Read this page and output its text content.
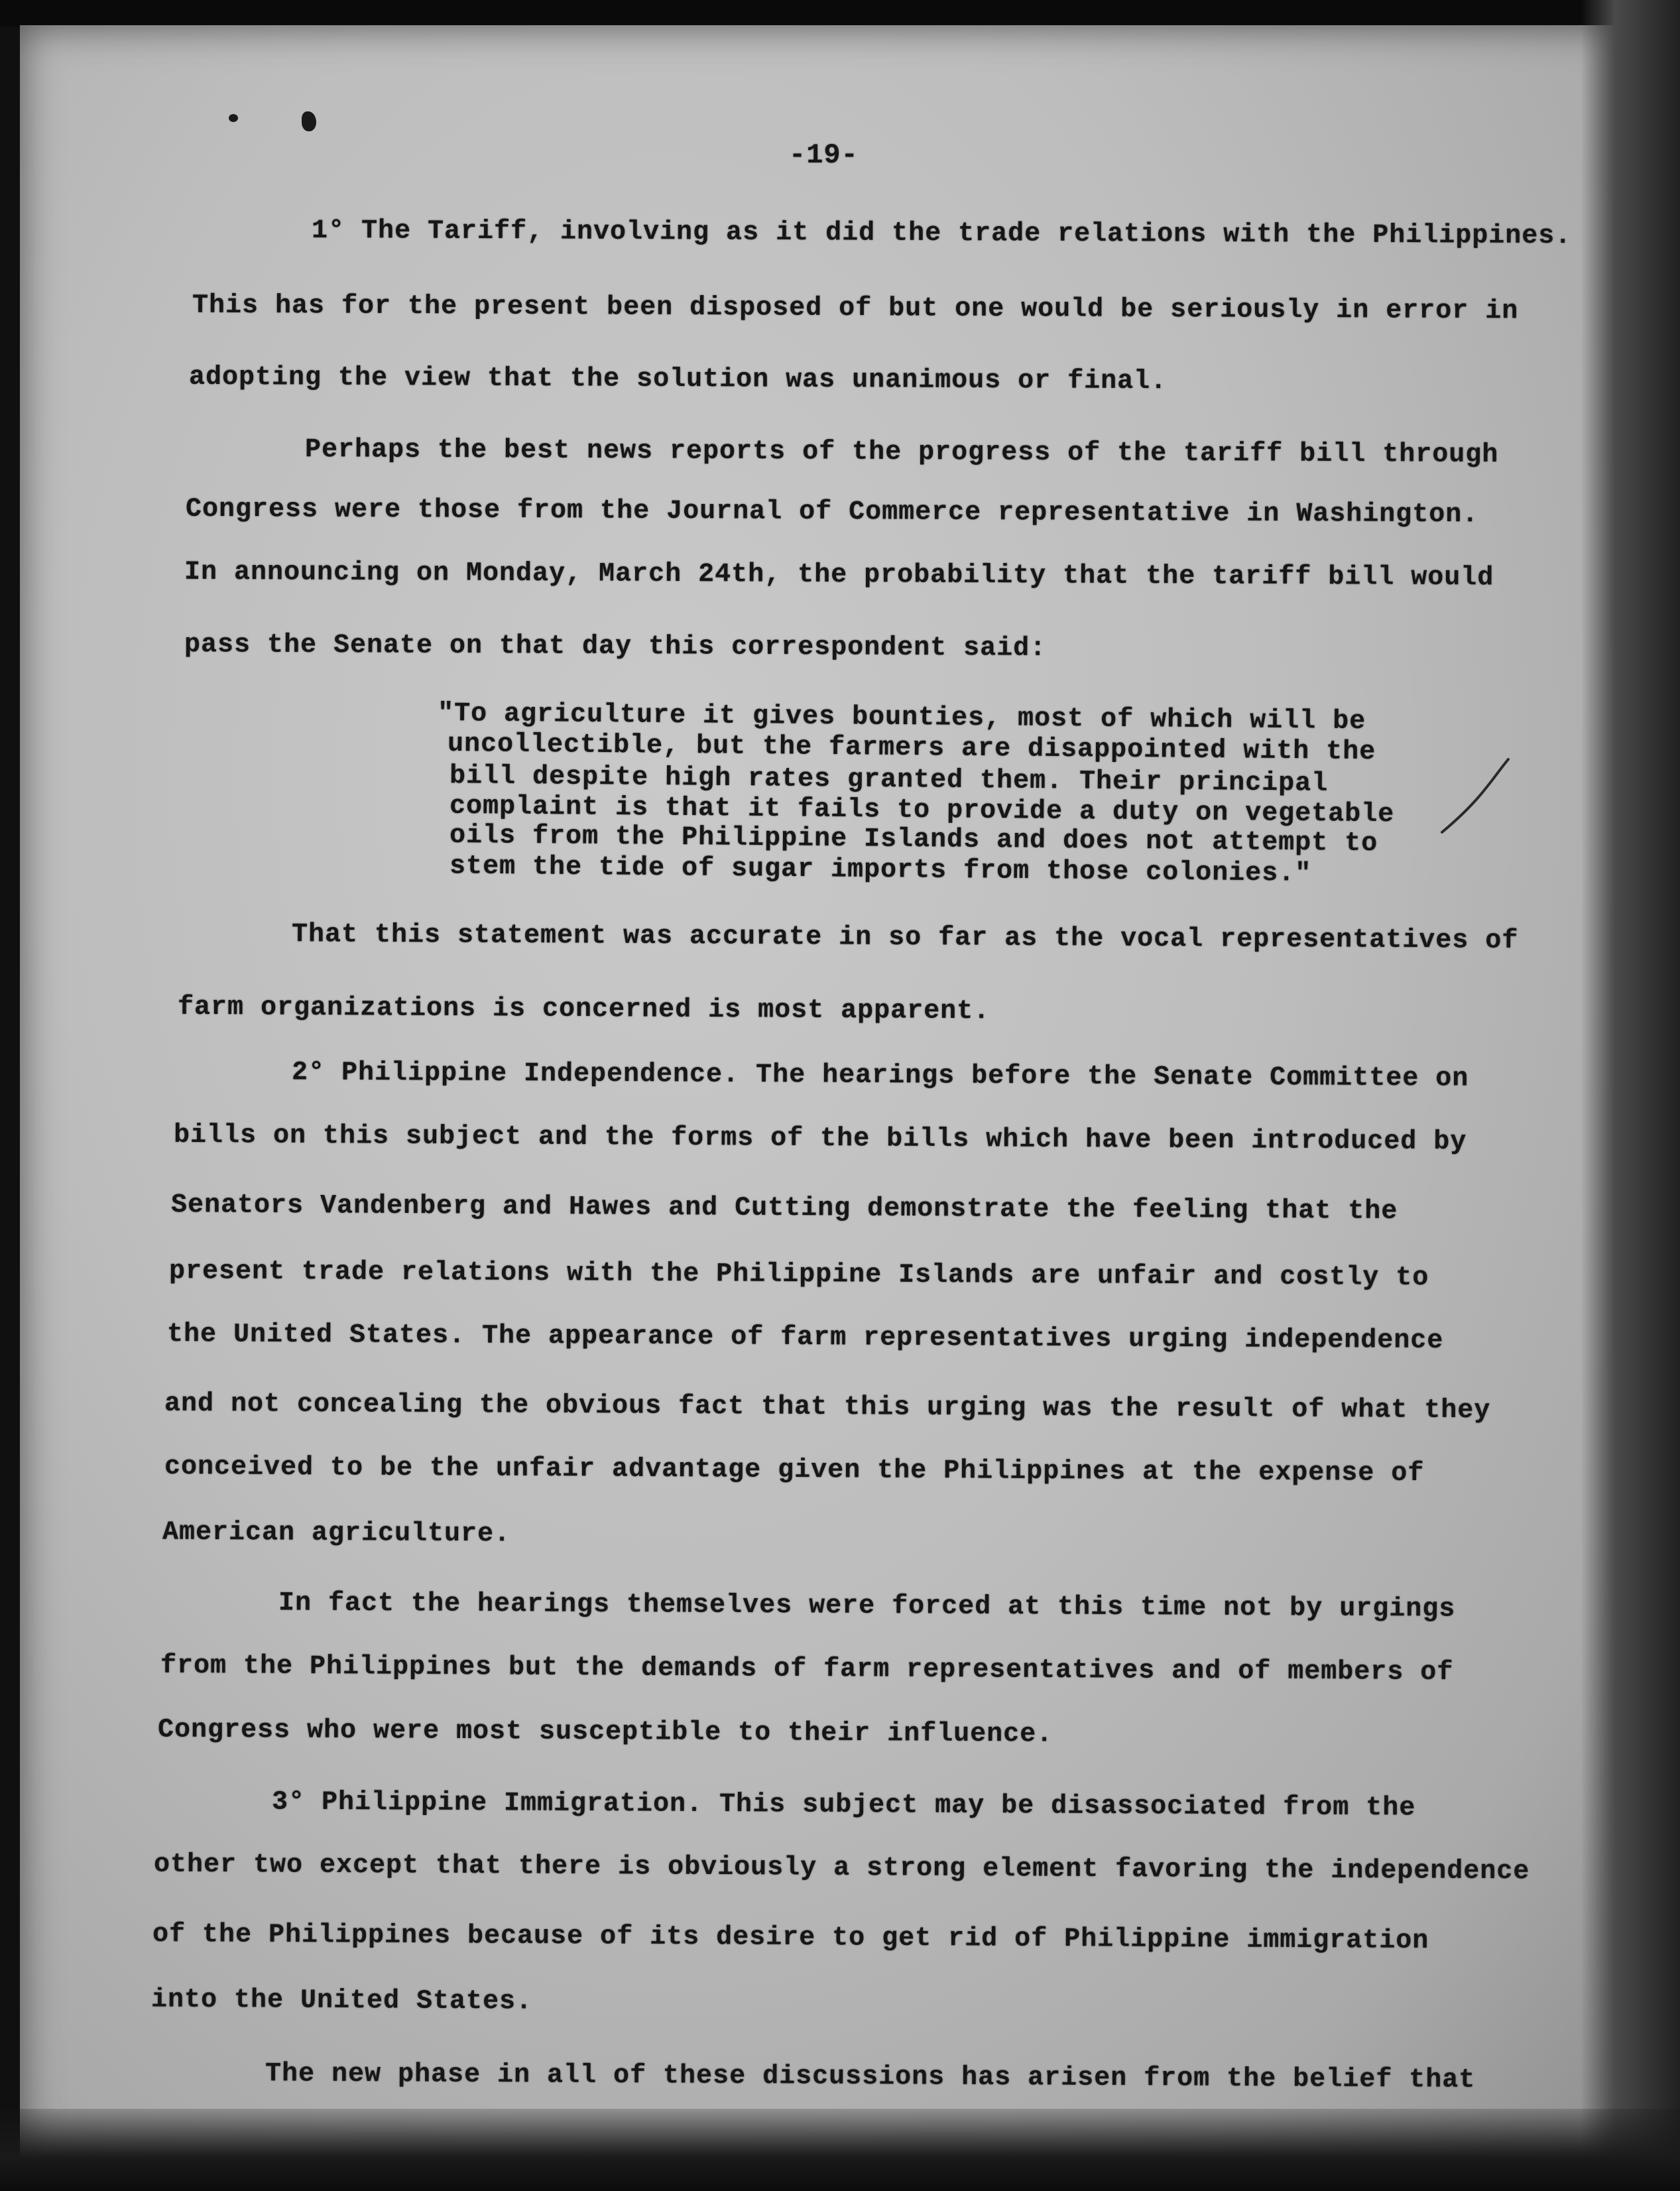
-19-

1° The Tariff, involving as it did the trade relations with the Philippines.

This has for the present been disposed of but one would be seriously in error in

adopting the view that the solution was unanimous or final.

Perhaps the best news reports of the progress of the tariff bill through

Congress were those from the Journal of Commerce representative in Washington.

In announcing on Monday, March 24th, the probability that the tariff bill would

pass the Senate on that day this correspondent said:

"To agriculture it gives bounties, most of which will be

uncollectible, but the farmers are disappointed with the

bill despite high rates granted them. Their principal

complaint is that it fails to provide a duty on vegetable

oils from the Philippine Islands and does not attempt to

stem the tide of sugar imports from those colonies."

That this statement was accurate in so far as the vocal representatives of

farm organizations is concerned is most apparent.

2° Philippine Independence. The hearings before the Senate Committee on

bills on this subject and the forms of the bills which have been introduced by

Senators Vandenberg and Hawes and Cutting demonstrate the feeling that the

present trade relations with the Philippine Islands are unfair and costly to

the United States. The appearance of farm representatives urging independence

and not concealing the obvious fact that this urging was the result of what they

conceived to be the unfair advantage given the Philippines at the expense of

American agriculture.

In fact the hearings themselves were forced at this time not by urgings

from the Philippines but the demands of farm representatives and of members of

Congress who were most susceptible to their influence.

3° Philippine Immigration. This subject may be disassociated from the

other two except that there is obviously a strong element favoring the independence

of the Philippines because of its desire to get rid of Philippine immigration

into the United States.

The new phase in all of these discussions has arisen from the belief that
